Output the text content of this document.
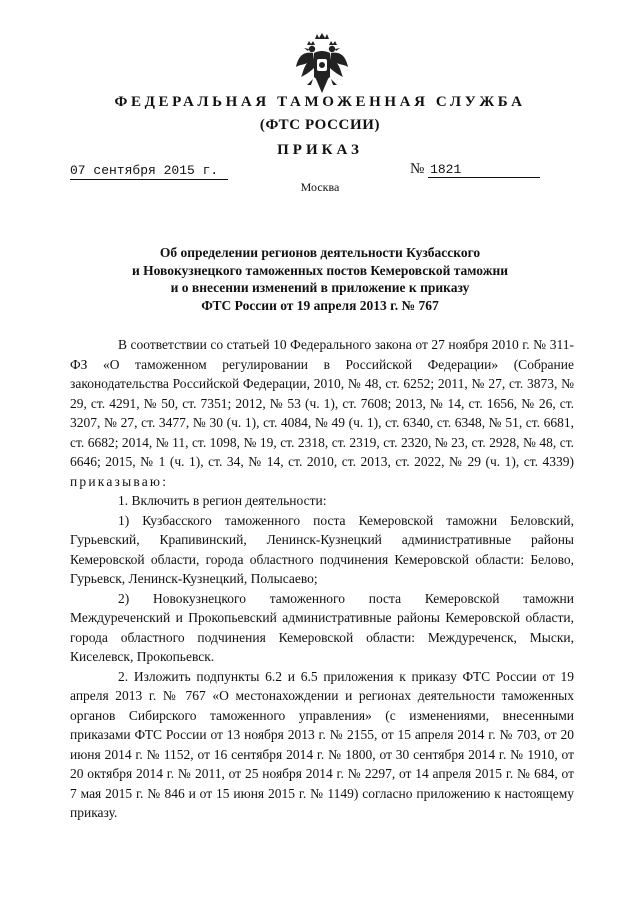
ФЕДЕРАЛЬНАЯ ТАМОЖЕННАЯ СЛУЖБА
(ФТС РОССИИ)
ПРИКАЗ
07 сентября 2015 г.	№ 1821
Москва
Об определении регионов деятельности Кузбасского
и Новокузнецкого таможенных постов Кемеровской таможни
и о внесении изменений в приложение к приказу
ФТС России от 19 апреля 2013 г. № 767

В соответствии со статьей 10 Федерального закона от 27 ноября 2010 г. № 311-ФЗ «О таможенном регулировании в Российской Федерации» (Собрание законодательства Российской Федерации, 2010, № 48, ст. 6252; 2011, № 27, ст. 3873, № 29, ст. 4291, № 50, ст. 7351; 2012, № 53 (ч. 1), ст. 7608; 2013, № 14, ст. 1656, № 26, ст. 3207, № 27, ст. 3477, № 30 (ч. 1), ст. 4084, № 49 (ч. 1), ст. 6340, ст. 6348, № 51, ст. 6681, ст. 6682; 2014, № 11, ст. 1098, № 19, ст. 2318, ст. 2319, ст. 2320, № 23, ст. 2928, № 48, ст. 6646; 2015, № 1 (ч. 1), ст. 34, № 14, ст. 2010, ст. 2013, ст. 2022, № 29 (ч. 1), ст. 4339) приказываю:

1. Включить в регион деятельности:

1) Кузбасского таможенного поста Кемеровской таможни Беловский, Гурьевский, Крапивинский, Ленинск-Кузнецкий административные районы Кемеровской области, города областного подчинения Кемеровской области: Белово, Гурьевск, Ленинск-Кузнецкий, Полысаево;

2) Новокузнецкого таможенного поста Кемеровской таможни Междуреченский и Прокопьевский административные районы Кемеровской области, города областного подчинения Кемеровской области: Междуреченск, Мыски, Киселевск, Прокопьевск.

2. Изложить подпункты 6.2 и 6.5 приложения к приказу ФТС России от 19 апреля 2013 г. № 767 «О местонахождении и регионах деятельности таможенных органов Сибирского таможенного управления» (с изменениями, внесенными приказами ФТС России от 13 ноября 2013 г. № 2155, от 15 апреля 2014 г. № 703, от 20 июня 2014 г. № 1152, от 16 сентября 2014 г. № 1800, от 30 сентября 2014 г. № 1910, от 20 октября 2014 г. № 2011, от 25 ноября 2014 г. № 2297, от 14 апреля 2015 г. № 684, от 7 мая 2015 г. № 846 и от 15 июня 2015 г. № 1149) согласно приложению к настоящему приказу.
